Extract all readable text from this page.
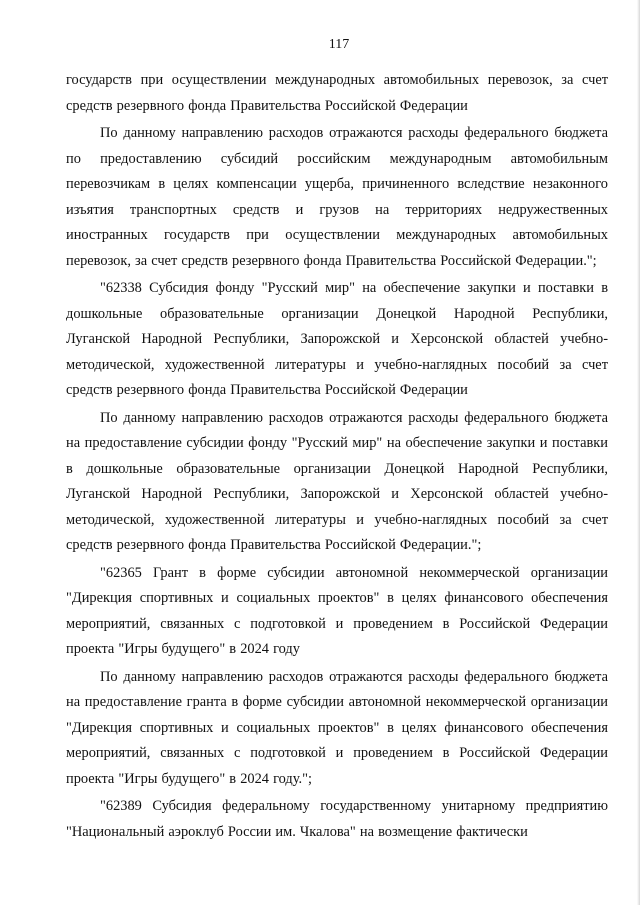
117

государств при осуществлении международных автомобильных перевозок, за счет средств резервного фонда Правительства Российской Федерации

По данному направлению расходов отражаются расходы федерального бюджета по предоставлению субсидий российским международным автомобильным перевозчикам в целях компенсации ущерба, причиненного вследствие незаконного изъятия транспортных средств и грузов на территориях недружественных иностранных государств при осуществлении международных автомобильных перевозок, за счет средств резервного фонда Правительства Российской Федерации.";

"62338 Субсидия фонду "Русский мир" на обеспечение закупки и поставки в дошкольные образовательные организации Донецкой Народной Республики, Луганской Народной Республики, Запорожской и Херсонской областей учебно-методической, художественной литературы и учебно-наглядных пособий за счет средств резервного фонда Правительства Российской Федерации

По данному направлению расходов отражаются расходы федерального бюджета на предоставление субсидии фонду "Русский мир" на обеспечение закупки и поставки в дошкольные образовательные организации Донецкой Народной Республики, Луганской Народной Республики, Запорожской и Херсонской областей учебно-методической, художественной литературы и учебно-наглядных пособий за счет средств резервного фонда Правительства Российской Федерации.";

"62365 Грант в форме субсидии автономной некоммерческой организации "Дирекция спортивных и социальных проектов" в целях финансового обеспечения мероприятий, связанных с подготовкой и проведением в Российской Федерации проекта "Игры будущего" в 2024 году

По данному направлению расходов отражаются расходы федерального бюджета на предоставление гранта в форме субсидии автономной некоммерческой организации "Дирекция спортивных и социальных проектов" в целях финансового обеспечения мероприятий, связанных с подготовкой и проведением в Российской Федерации проекта "Игры будущего" в 2024 году.";

"62389 Субсидия федеральному государственному унитарному предприятию "Национальный аэроклуб России им. Чкалова" на возмещение фактически
